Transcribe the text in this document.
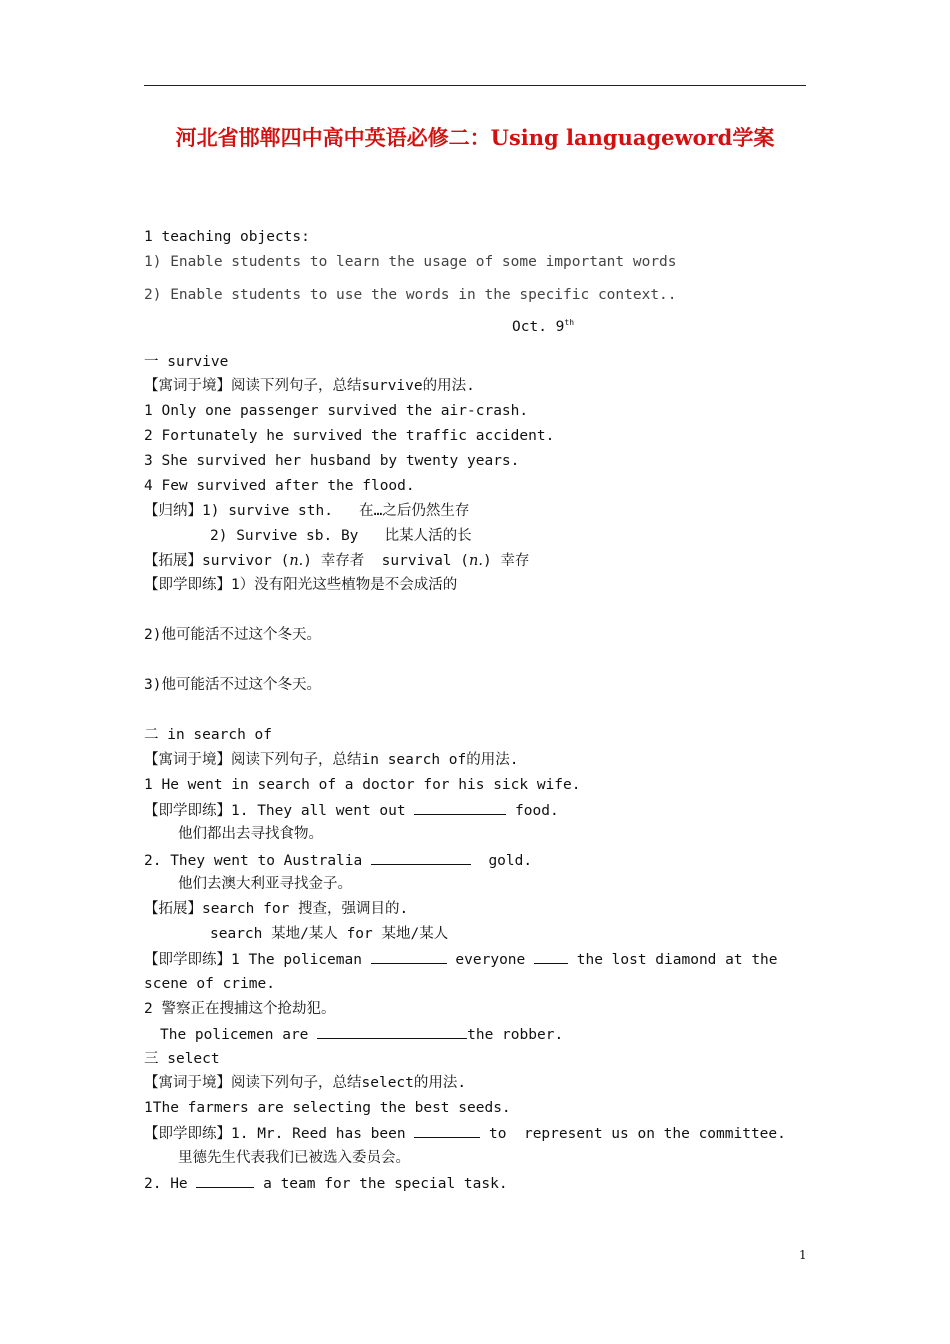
河北省邯郸四中高中英语必修二：Using languageword学案
1 teaching objects:
1) Enable students to learn the usage of some important words
2) Enable students to use the words in the specific context..
Oct. 9th
一 survive
【寓词于境】阅读下列句子，总结survive的用法.
1 Only one passenger survived the air-crash.
2 Fortunately he survived the traffic accident.
3 She survived her husband by twenty years.
4 Few survived after the flood.
【归纳】1) survive sth.   在…之后仍然生存
2) Survive sb. By   比某人活的长
【拓展】survivor (n.) 幸存者  survival (n.) 幸存
【即学即练】1）没有阳光这些植物是不会成活的
2)他可能活不过这个冬天。
3)他可能活不过这个冬天。
二 in search of
【寓词于境】阅读下列句子，总结in search of的用法.
1 He went in search of a doctor for his sick wife.
【即学即练】1. They all went out	food.
他们都出去寻找食物。
2. They went to Australia	gold.
他们去澳大利亚寻找金子。
【拓展】search for 搜查，强调目的.
search 某地/某人 for 某地/某人
【即学即练】1 The policeman	everyone  the lost diamond at the
scene of crime.
2 警察正在搜捕这个抢劫犯。
The policemen are	the robber.
三 select
【寓词于境】阅读下列句子，总结select的用法.
1The farmers are selecting the best seeds.
【即学即练】1. Mr. Reed has been	to  represent us on the committee.
里德先生代表我们已被选入委员会。
2. He	a team for the special task.
1
